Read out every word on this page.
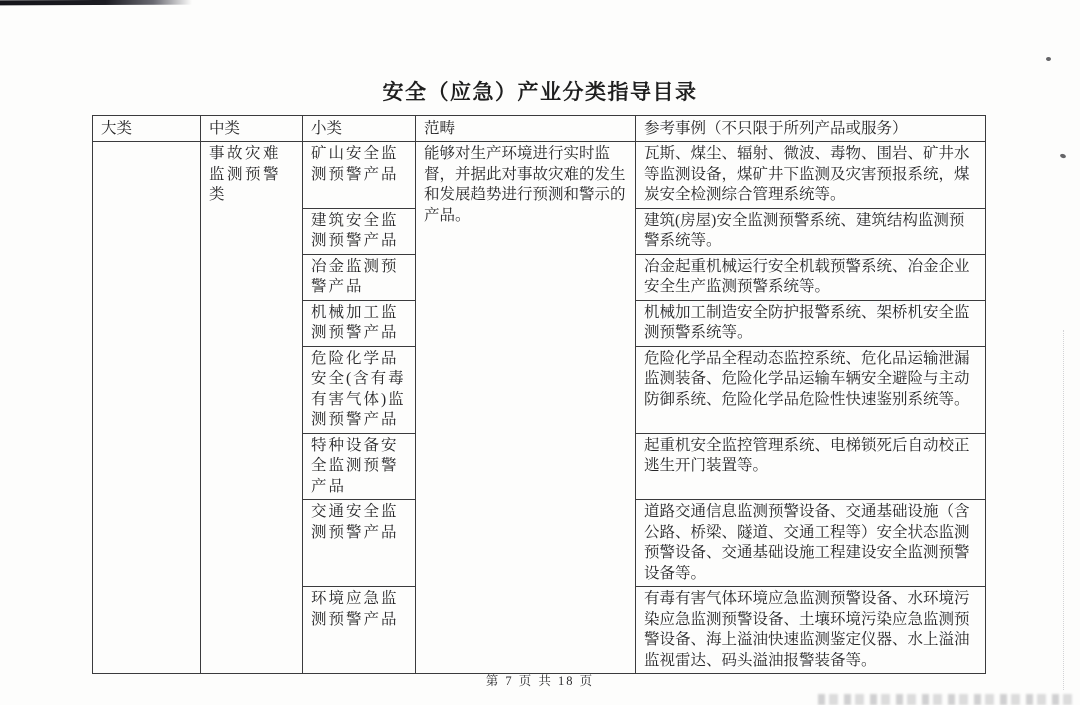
安全（应急）产业分类指导目录
大类	中类	小类	范畴	参考事例（不只限于所列产品或服务）
	事故灾难监测预警类	矿山安全监测预警产品	能够对生产环境进行实时监督，并据此对事故灾难的发生和发展趋势进行预测和警示的产品。	瓦斯、煤尘、辐射、微波、毒物、围岩、矿井水等监测设备，煤矿井下监测及灾害预报系统，煤炭安全检测综合管理系统等。
		建筑安全监测预警产品		建筑(房屋)安全监测预警系统、建筑结构监测预警系统等。
		冶金监测预警产品		冶金起重机械运行安全机载预警系统、冶金企业安全生产监测预警系统等。
		机械加工监测预警产品		机械加工制造安全防护报警系统、架桥机安全监测预警系统等。
		危险化学品安全(含有毒有害气体)监测预警产品		危险化学品全程动态监控系统、危化品运输泄漏监测装备、危险化学品运输车辆安全避险与主动防御系统、危险化学品危险性快速鉴别系统等。
		特种设备安全监测预警产品		起重机安全监控管理系统、电梯锁死后自动校正逃生开门装置等。
		交通安全监测预警产品		道路交通信息监测预警设备、交通基础设施（含公路、桥梁、隧道、交通工程等）安全状态监测预警设备、交通基础设施工程建设安全监测预警设备等。
		环境应急监测预警产品		有毒有害气体环境应急监测预警设备、水环境污染应急监测预警设备、土壤环境污染应急监测预警设备、海上溢油快速监测鉴定仪器、水上溢油监视雷达、码头溢油报警装备等。
第 7 页 共 18 页
